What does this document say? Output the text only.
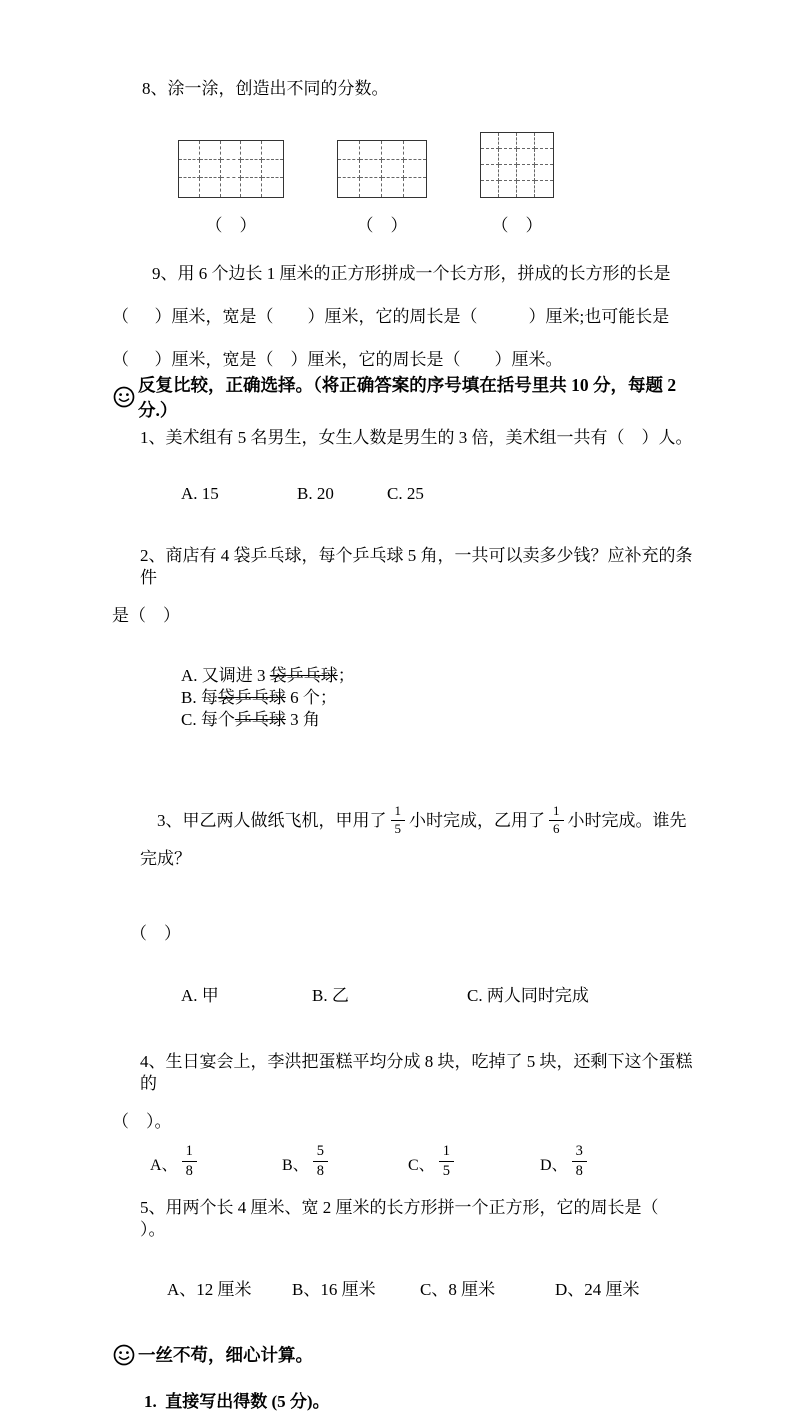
8、涂一涂，创造出不同的分数。
（    ）	（    ）	（    ）
9、用 6 个边长 1 厘米的正方形拼成一个长方形，拼成的长方形的长是
（      ）厘米，宽是（        ）厘米，它的周长是（            ）厘米;也可能长是
（      ）厘米，宽是（    ）厘米，它的周长是（        ）厘米。
反复比较，正确选择。（将正确答案的序号填在括号里共 10 分，每题 2 分.）
1、美术组有 5 名男生，女生人数是男生的 3 倍，美术组一共有（    ）人。

A. 15	B. 20	C. 25

2、商店有 4 袋乒乓球，每个乒乓球 5 角，一共可以卖多少钱？应补充的条件
是（    ）

A. 又调进 3 袋乒乓球；
B. 每袋乒乓球 6 个；
C. 每个乒乓球 3 角

3、甲乙两人做纸飞机，甲用了 $\frac{1}{5}$ 小时完成，乙用了 $\frac{1}{6}$ 小时完成。谁先完成？

（    ）

A. 甲	B. 乙	C. 两人同时完成

4、生日宴会上，李洪把蛋糕平均分成 8 块，吃掉了 5 块，还剩下这个蛋糕的
（    ）。
A、 $\frac{1}{8}$	B、 $\frac{5}{8}$	C、 $\frac{1}{5}$	D、 $\frac{3}{8}$
5、用两个长 4 厘米、宽 2 厘米的长方形拼一个正方形，它的周长是（      ）。

A、12 厘米 B、16 厘米	C、8 厘米	D、24 厘米

一丝不苟，细心计算。
1.  直接写出得数 (5 分)。
